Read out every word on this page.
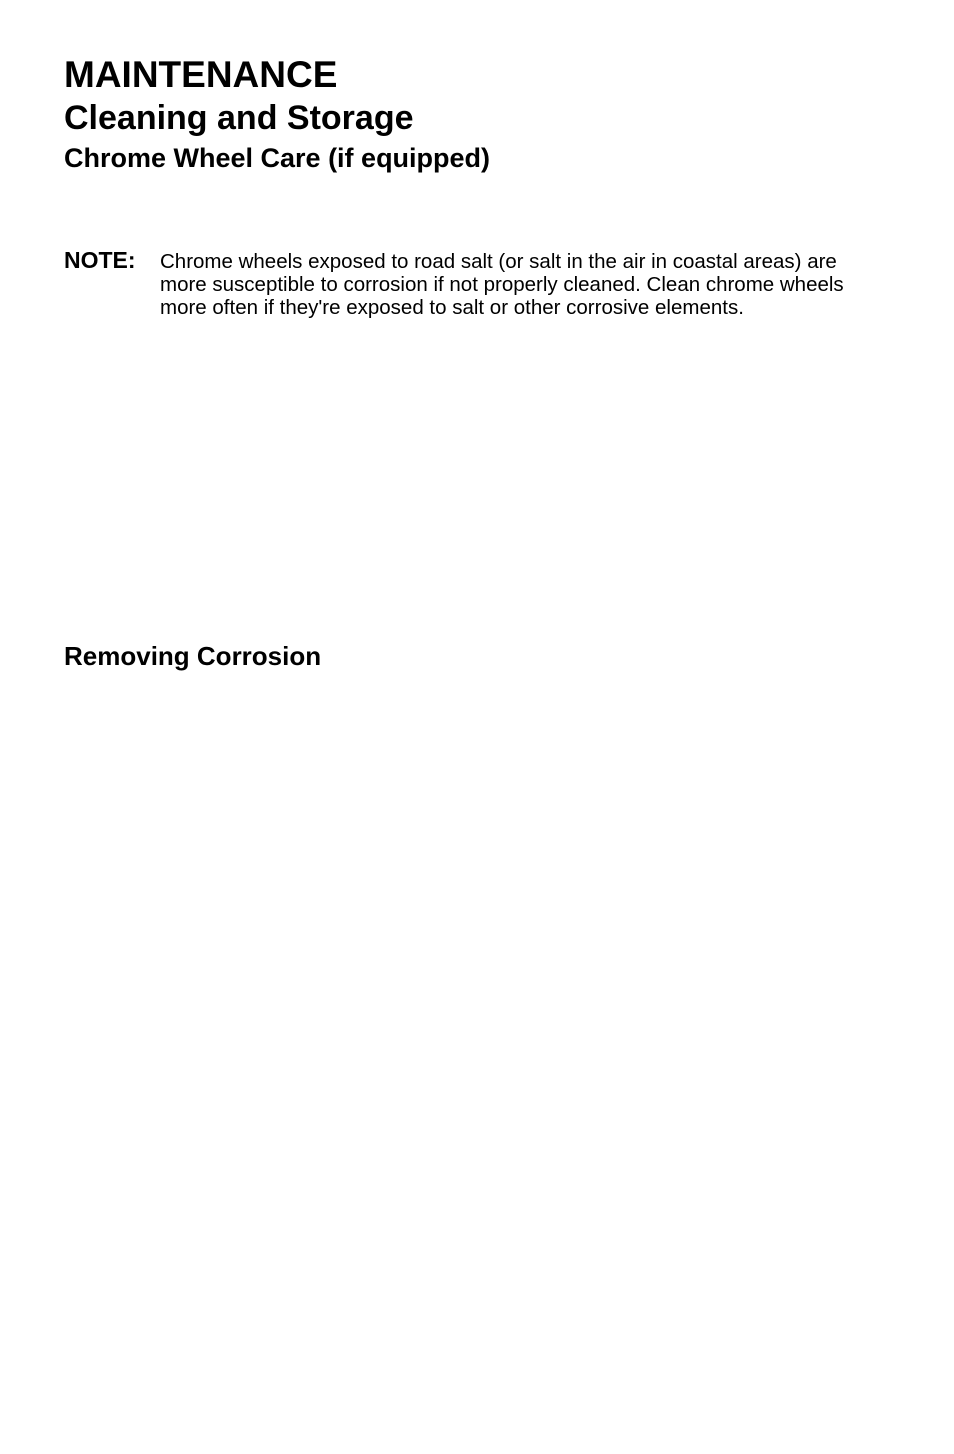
MAINTENANCE
Cleaning and Storage
Chrome Wheel Care (if equipped)
NOTE: Chrome wheels exposed to road salt (or salt in the air in coastal areas) are more susceptible to corrosion if not properly cleaned. Clean chrome wheels more often if they're exposed to salt or other corrosive elements.
Removing Corrosion
